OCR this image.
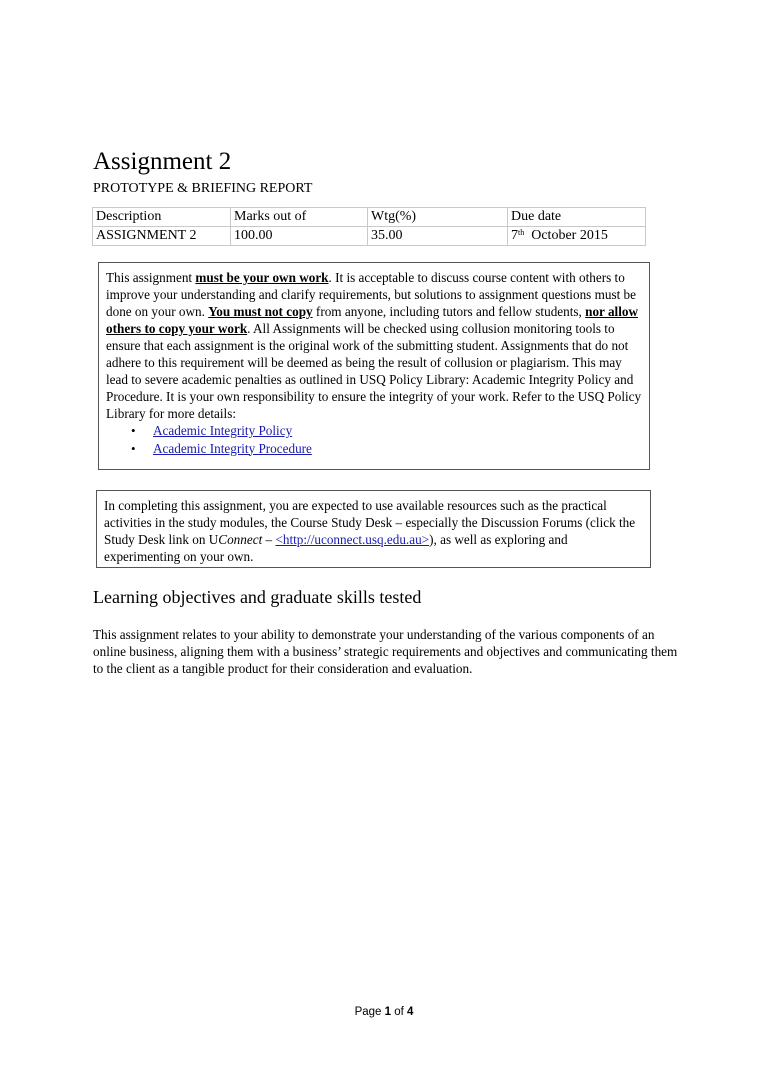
Assignment 2
PROTOTYPE & BRIEFING REPORT
Description	Marks out of	Wtg(%)	Due date
ASSIGNMENT 2	100.00	35.00	7th October 2015

This assignment must be your own work. It is acceptable to discuss course content with others to improve your understanding and clarify requirements, but solutions to assignment questions must be done on your own. You must not copy from anyone, including tutors and fellow students, nor allow others to copy your work. All Assignments will be checked using collusion monitoring tools to ensure that each assignment is the original work of the submitting student. Assignments that do not adhere to this requirement will be deemed as being the result of collusion or plagiarism. This may lead to severe academic penalties as outlined in USQ Policy Library: Academic Integrity Policy and Procedure. It is your own responsibility to ensure the integrity of your work. Refer to the USQ Policy Library for more details:

• Academic Integrity Policy
• Academic Integrity Procedure

In completing this assignment, you are expected to use available resources such as the practical activities in the study modules, the Course Study Desk – especially the Discussion Forums (click the Study Desk link on UConnect – <http://uconnect.usq.edu.au>), as well as exploring and experimenting on your own.

Learning objectives and graduate skills tested

This assignment relates to your ability to demonstrate your understanding of the various components of an online business, aligning them with a business’ strategic requirements and objectives and communicating them to the client as a tangible product for their consideration and evaluation.

Page 1 of 4
